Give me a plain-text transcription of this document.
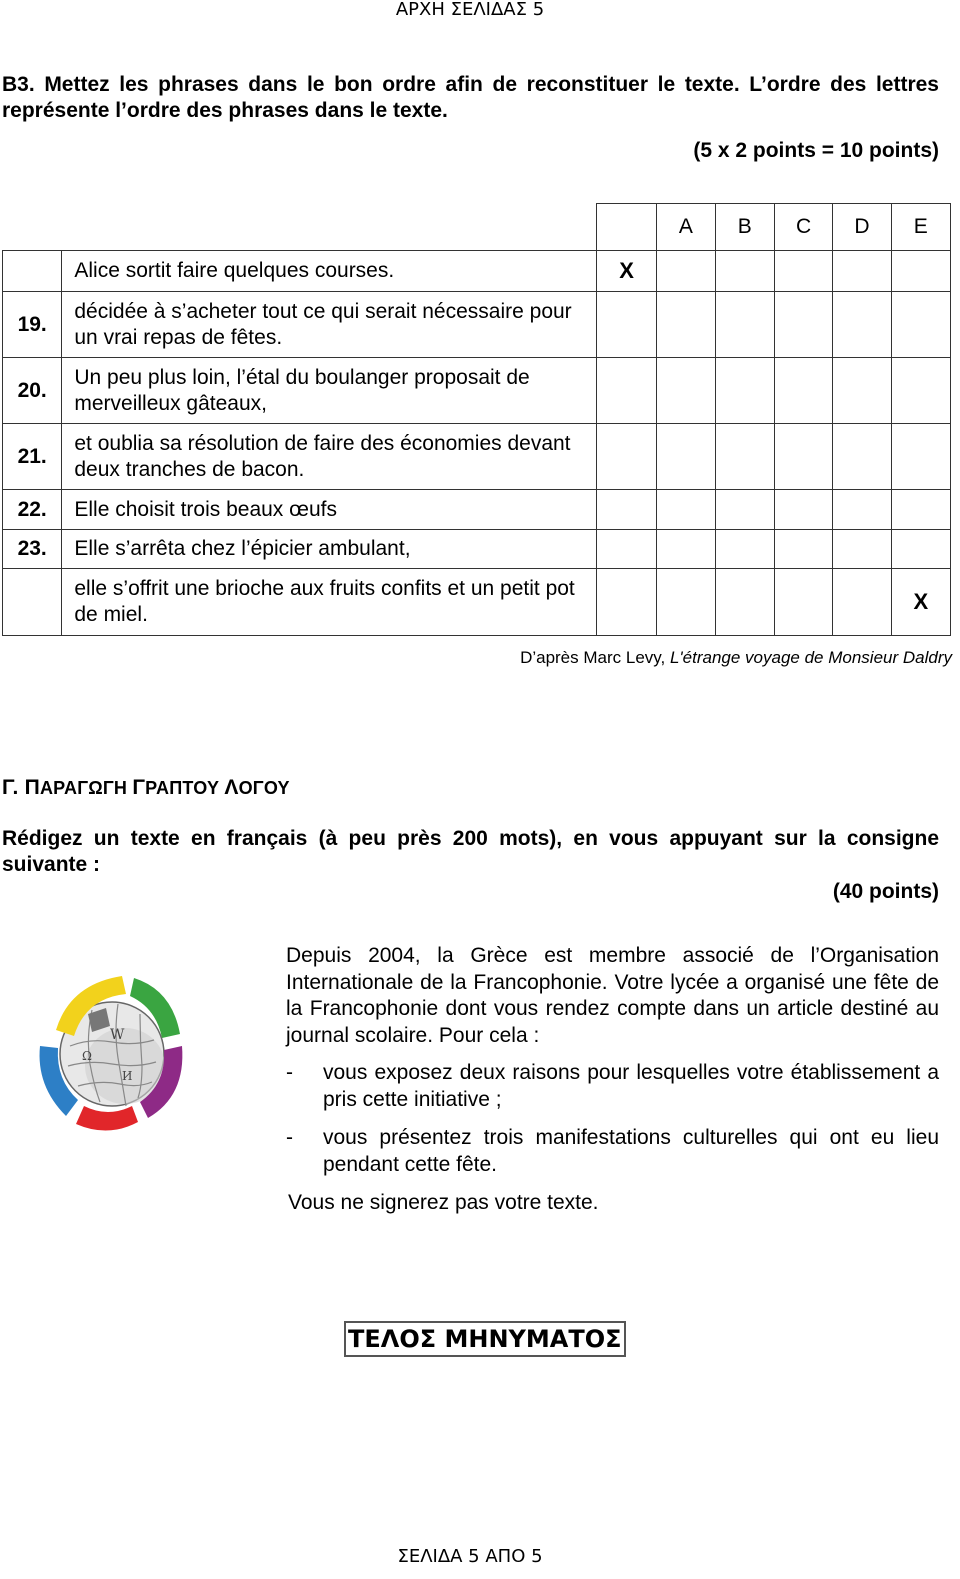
ΑΡΧΗ ΣΕΛΙΔΑΣ 5
B3. Mettez les phrases dans le bon ordre afin de reconstituer le texte. L’ordre des lettres représente l’ordre des phrases dans le texte.
(5 x 2 points = 10 points)
			A	B	C	D	E
	Alice sortit faire quelques courses.	X					
19.	décidée à s’acheter tout ce qui serait nécessaire pour un vrai repas de fêtes.						
20.	Un peu plus loin, l’étal du boulanger proposait de merveilleux gâteaux,						
21.	et oublia sa résolution de faire des économies devant deux tranches de bacon.						
22.	Elle choisit trois beaux œufs						
23.	Elle s’arrêta chez l’épicier ambulant,						
	elle s’offrit une brioche aux fruits confits et un petit pot de miel.						X
D’après Marc Levy, L'étrange voyage de Monsieur Daldry
Γ. ΠΑΡΑΓΩΓΗ ΓΡΑΠΤΟΥ ΛΟΓΟΥ
Rédigez un texte en français (à peu près 200 mots), en vous appuyant sur la consigne suivante :
(40 points)
W
Ω
И

Depuis 2004, la Grèce est membre associé de l’Organisation Internationale de la Francophonie. Votre lycée a organisé une fête de la Francophonie dont vous rendez compte dans un article destiné au journal scolaire. Pour cela :

- vous exposez deux raisons pour lesquelles votre établissement a pris cette initiative ;
- vous présentez trois manifestations culturelles qui ont eu lieu pendant cette fête.

Vous ne signerez pas votre texte.

ΤΕΛΟΣ ΜΗΝΥΜΑΤΟΣ
ΣΕΛΙΔΑ 5 ΑΠΟ 5
